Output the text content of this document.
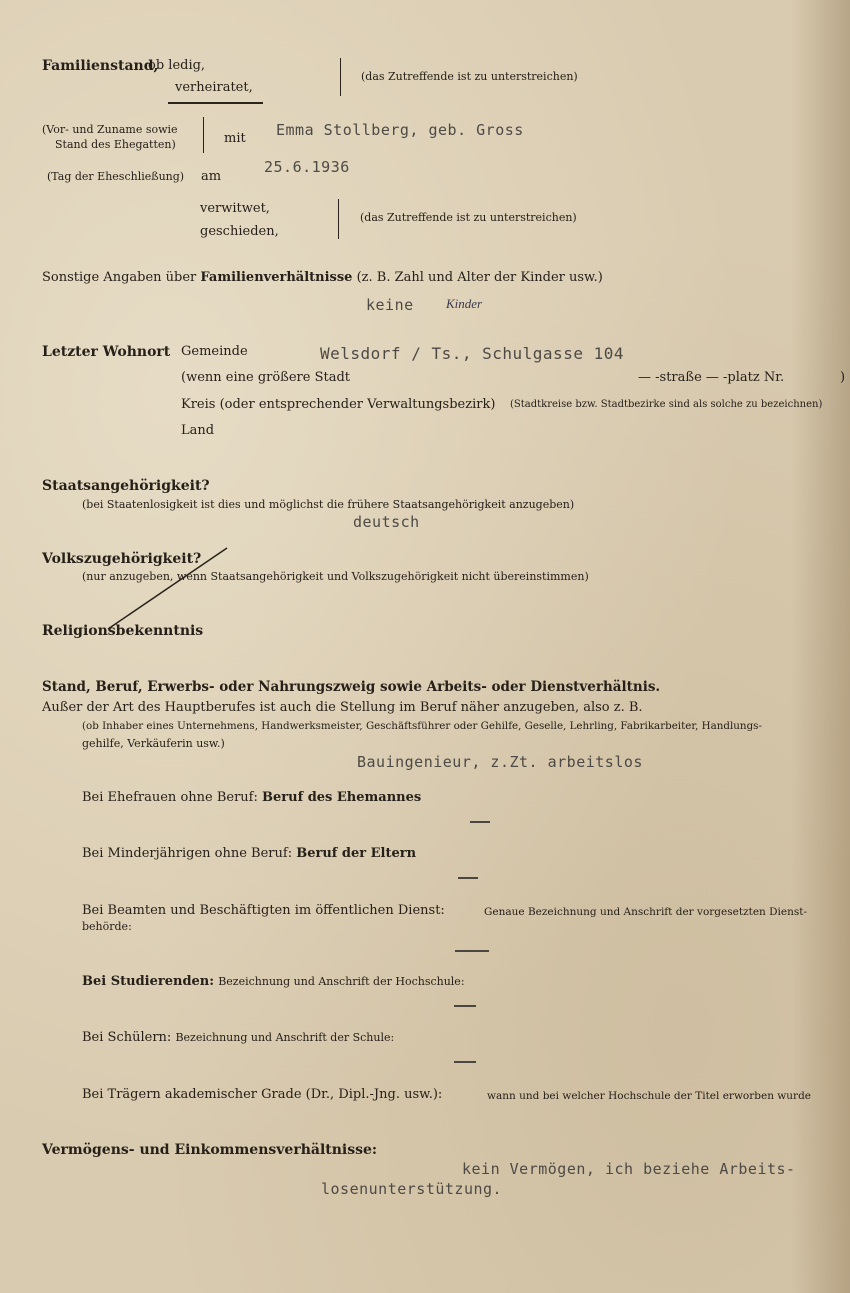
Familienstand,
ob ledig,
verheiratet,
(das Zutreffende ist zu unterstreichen)
(Vor- und Zuname sowie
Stand des Ehegatten)	mit Emma Stollberg, geb. Gross
(Tag der Eheschließung) am
25.6.1936
verwitwet,
geschieden,
(das Zutreffende ist zu unterstreichen)
Sonstige Angaben über Familienverhältnisse (z. B. Zahl und Alter der Kinder usw.)
keine Kinder
Letzter Wohnort Gemeinde	Welsdorf / Ts., Schulgasse 104
(wenn eine größere Stadt	— -straße — -platz Nr.	)
Kreis (oder entsprechender Verwaltungsbezirk) (Stadtkreise bzw. Stadtbezirke sind als solche zu bezeichnen)
Land
Staatsangehörigkeit?
(bei Staatenlosigkeit ist dies und möglichst die frühere Staatsangehörigkeit anzugeben)
deutsch
Volkszugehörigkeit?
(nur anzugeben, wenn Staatsangehörigkeit und Volkszugehörigkeit nicht übereinstimmen)
Religionsbekenntnis
Stand, Beruf, Erwerbs- oder Nahrungszweig sowie Arbeits- oder Dienstverhältnis.
Außer der Art des Hauptberufes ist auch die Stellung im Beruf näher anzugeben, also z. B.
(ob Inhaber eines Unternehmens, Handwerksmeister, Geschäftsführer oder Gehilfe, Geselle, Lehrling, Fabrikarbeiter, Handlungs-
gehilfe, Verkäuferin usw.)
Bauingenieur, z.Zt. arbeitslos
Bei Ehefrauen ohne Beruf: Beruf des Ehemannes
Bei Minderjährigen ohne Beruf: Beruf der Eltern
Bei Beamten und Beschäftigten im öffentlichen Dienst:	Genaue Bezeichnung und Anschrift der vorgesetzten Dienst-
behörde:
Bei Studierenden: Bezeichnung und Anschrift der Hochschule:
Bei Schülern: Bezeichnung und Anschrift der Schule:
Bei Trägern akademischer Grade (Dr., Dipl.-Jng. usw.):	wann und bei welcher Hochschule der Titel erworben wurde
Vermögens- und Einkommensverhältnisse:
kein Vermögen, ich beziehe Arbeits-
losenunterstützung.
